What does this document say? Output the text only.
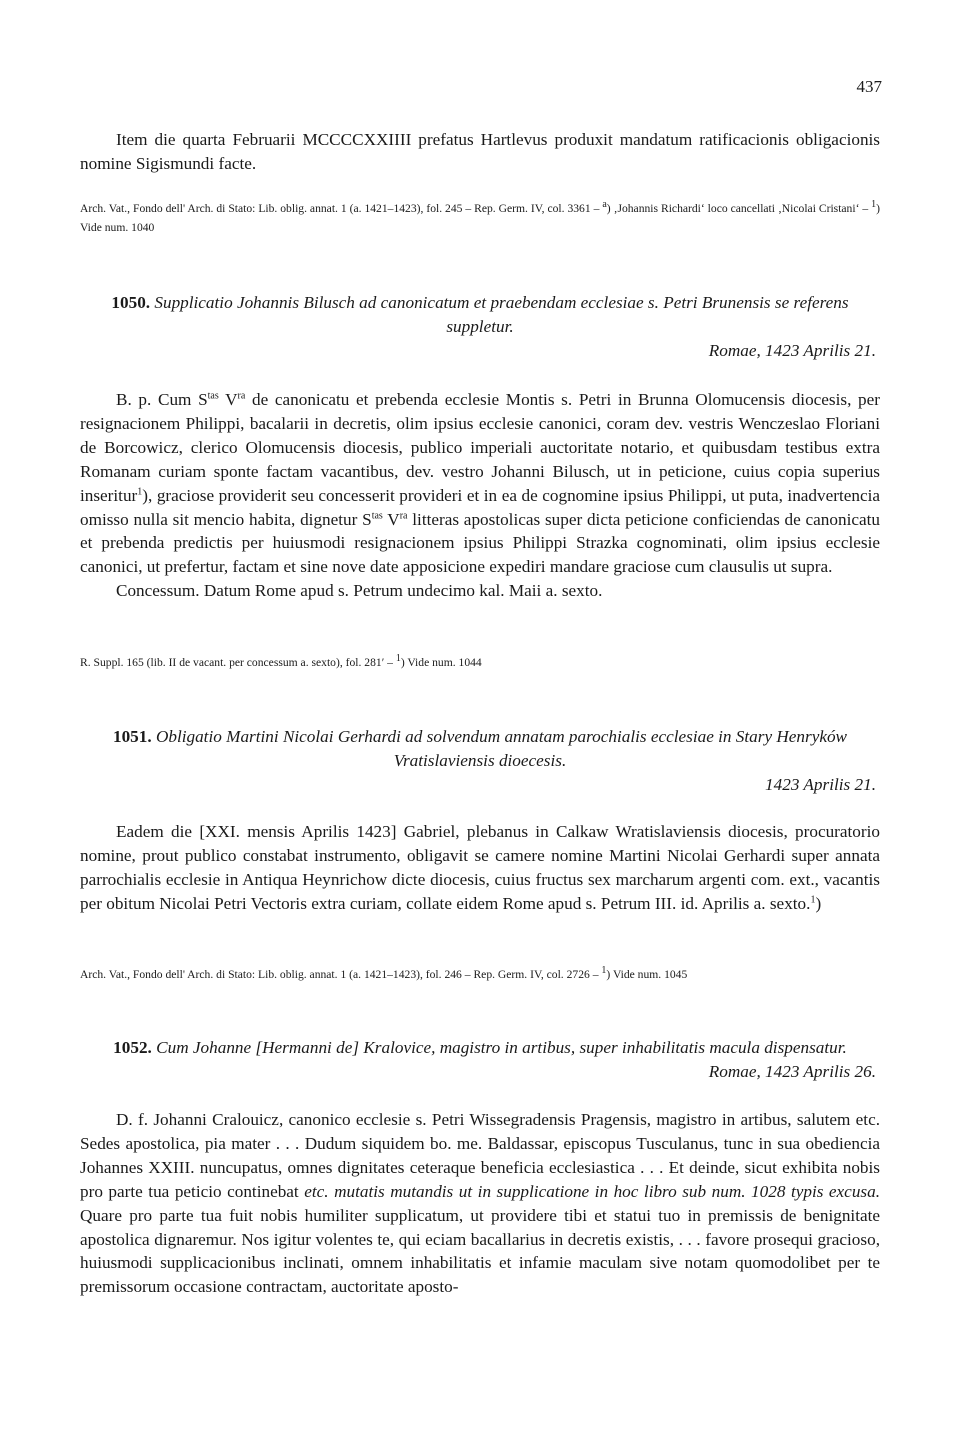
437

Item die quarta Februarii MCCCCXXIIII prefatus Hartlevus produxit mandatum ratificacionis obligacionis nomine Sigismundi facte.

Arch. Vat., Fondo dell' Arch. di Stato: Lib. oblig. annat. 1 (a. 1421–1423), fol. 245 – Rep. Germ. IV, col. 3361 – $^a$) ‚Johannis Richardi‘ loco cancellati ‚Nicolai Cristani‘ – $^1$) Vide num. 1040

1050. Supplicatio Johannis Bilusch ad canonicatum et praebendam ecclesiae s. Petri Brunensis se referens suppletur.

Romae, 1423 Aprilis 21.

B. p. Cum $S^{tas}$ $V^{ra}$ de canonicatu et prebenda ecclesie Montis s. Petri in Brunna Olomucensis diocesis, per resignacionem Philippi, bacalarii in decretis, olim ipsius ecclesie canonici, coram dev. vestris Wenczeslao Floriani de Borcowicz, clerico Olomucensis diocesis, publico imperiali auctoritate notario, et quibusdam testibus extra Romanam curiam sponte factam vacantibus, dev. vestro Johanni Bilusch, ut in peticione, cuius copia superius inseritur$^1$), graciose providerit seu concesserit provideri et in ea de cognomine ipsius Philippi, ut puta, inadvertencia omisso nulla sit mencio habita, dignetur $S^{tas}$ $V^{ra}$ litteras apostolicas super dicta peticione conficiendas de canonicatu et prebenda predictis per huiusmodi resignacionem ipsius Philippi Strazka cognominati, olim ipsius ecclesie canonici, ut prefertur, factam et sine nove date apposicione expediri mandare graciose cum clausulis ut supra.

Concessum. Datum Rome apud s. Petrum undecimo kal. Maii a. sexto.

R. Suppl. 165 (lib. II de vacant. per concessum a. sexto), fol. 281′ – $^1$) Vide num. 1044

1051. Obligatio Martini Nicolai Gerhardi ad solvendum annatam parochialis ecclesiae in Stary Henryków Vratislaviensis dioecesis.

1423 Aprilis 21.

Eadem die [XXI. mensis Aprilis 1423] Gabriel, plebanus in Calkaw Wratislaviensis diocesis, procuratorio nomine, prout publico constabat instrumento, obligavit se camere nomine Martini Nicolai Gerhardi super annata parrochialis ecclesie in Antiqua Heynrichow dicte diocesis, cuius fructus sex marcharum argenti com. ext., vacantis per obitum Nicolai Petri Vectoris extra curiam, collate eidem Rome apud s. Petrum III. id. Aprilis a. sexto.$^1$)

Arch. Vat., Fondo dell' Arch. di Stato: Lib. oblig. annat. 1 (a. 1421–1423), fol. 246 – Rep. Germ. IV, col. 2726 – $^1$) Vide num. 1045

1052. Cum Johanne [Hermanni de] Kralovice, magistro in artibus, super inhabilitatis macula dispensatur.

Romae, 1423 Aprilis 26.

D. f. Johanni Cralouicz, canonico ecclesie s. Petri Wissegradensis Pragensis, magistro in artibus, salutem etc. Sedes apostolica, pia mater . . . Dudum siquidem bo. me. Baldassar, episcopus Tusculanus, tunc in sua obediencia Johannes XXIII. nuncupatus, omnes dignitates ceteraque beneficia ecclesiastica . . . Et deinde, sicut exhibita nobis pro parte tua peticio continebat etc. mutatis mutandis ut in supplicatione in hoc libro sub num. 1028 typis excusa. Quare pro parte tua fuit nobis humiliter supplicatum, ut providere tibi et statui tuo in premissis de benignitate apostolica dignaremur. Nos igitur volentes te, qui eciam bacallarius in decretis existis, . . . favore prosequi gracioso, huiusmodi supplicacionibus inclinati, omnem inhabilitatis et infamie maculam sive notam quomodolibet per te premissorum occasione contractam, auctoritate aposto-
